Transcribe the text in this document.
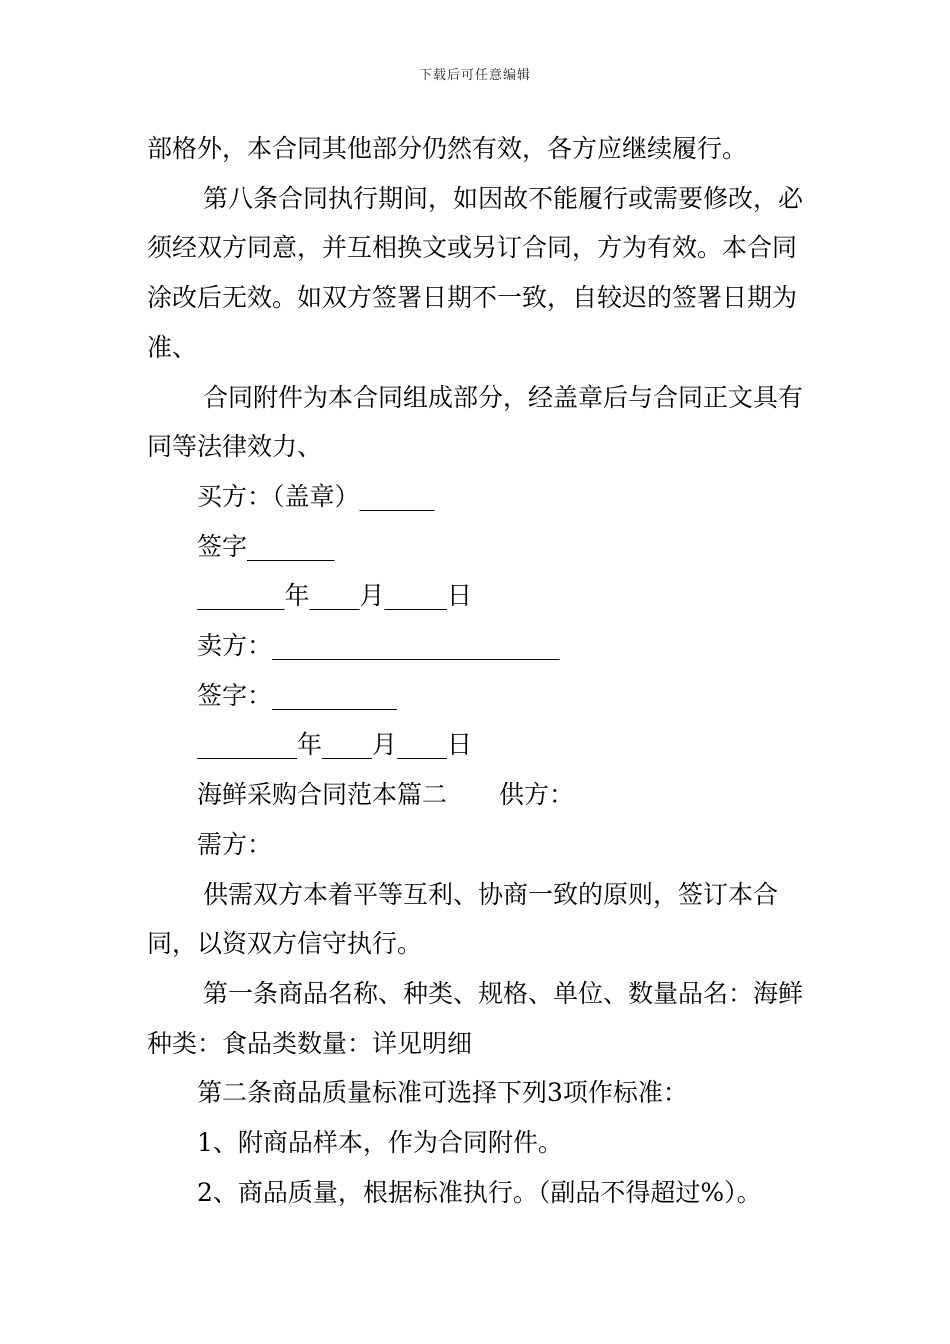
下载后可任意编辑

部格外，本合同其他部分仍然有效，各方应继续履行。

第八条合同执行期间，如因故不能履行或需要修改，必须经双方同意，并互相换文或另订合同，方为有效。本合同涂改后无效。如双方签署日期不一致，自较迟的签署日期为准、

合同附件为本合同组成部分，经盖章后与合同正文具有同等法律效力、

买方：（盖章）______

签字_______

_______年____月_____日

卖方：_______________________

签字：__________

________年____月____日

海鲜采购合同范本篇二 供方：

需方：

供需双方本着平等互利、协商一致的原则，签订本合同，以资双方信守执行。

第一条商品名称、种类、规格、单位、数量品名：海鲜种类：食品类数量：详见明细

第二条商品质量标准可选择下列3项作标准：

1、附商品样本，作为合同附件。

2、商品质量，根据标准执行。（副品不得超过%）。
